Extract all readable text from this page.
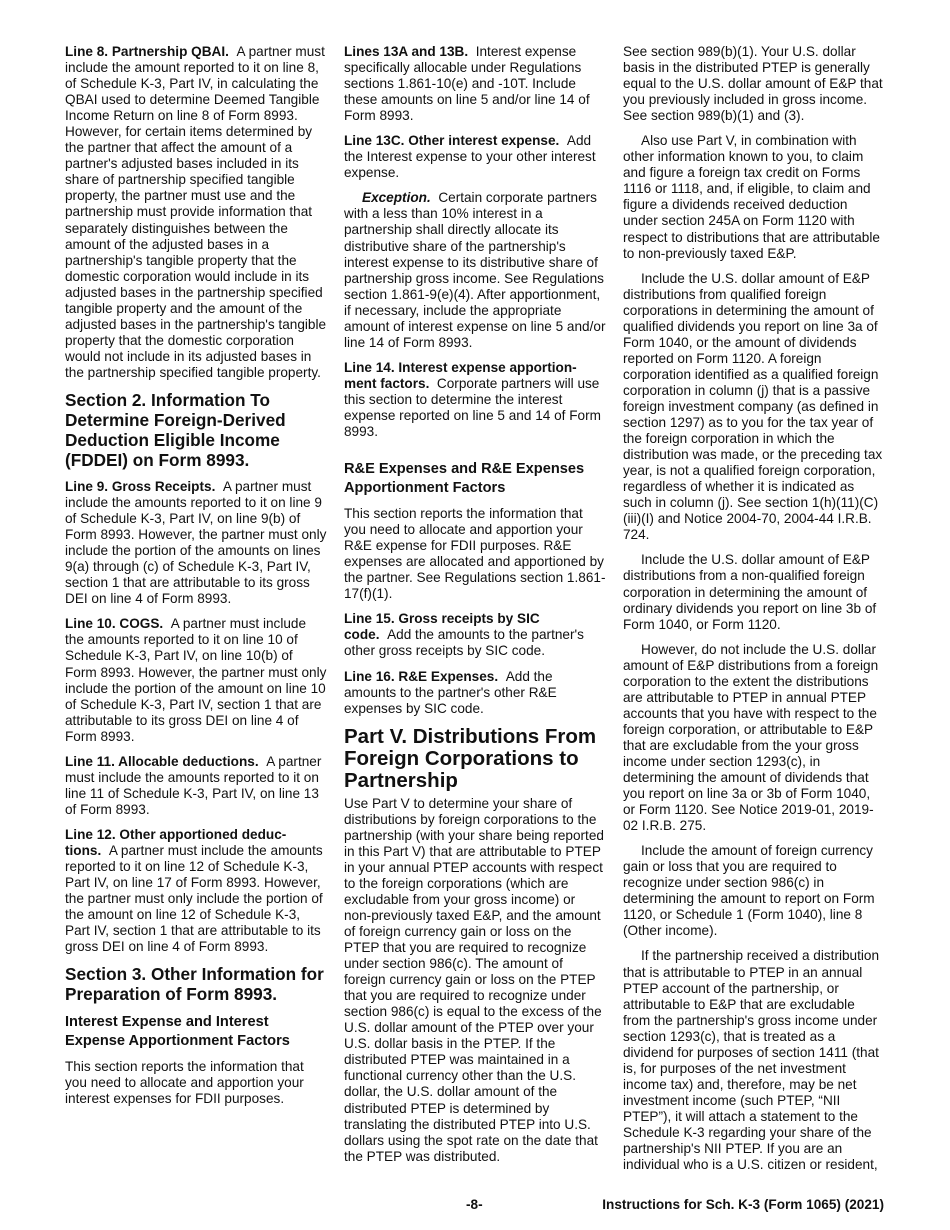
Line 8. Partnership QBAI. A partner must include the amount reported to it on line 8, of Schedule K-3, Part IV, in calculating the QBAI used to determine Deemed Tangible Income Return on line 8 of Form 8993. However, for certain items determined by the partner that affect the amount of a partner's adjusted bases included in its share of partnership specified tangible property, the partner must use and the partnership must provide information that separately distinguishes between the amount of the adjusted bases in a partnership's tangible property that the domestic corporation would include in its adjusted bases in the partnership specified tangible property and the amount of the adjusted bases in the partnership's tangible property that the domestic corporation would not include in its adjusted bases in the partnership specified tangible property.

Section 2. Information To Determine Foreign-Derived Deduction Eligible Income (FDDEI) on Form 8993.

Line 9. Gross Receipts. A partner must include the amounts reported to it on line 9 of Schedule K-3, Part IV, on line 9(b) of Form 8993. However, the partner must only include the portion of the amounts on lines 9(a) through (c) of Schedule K-3, Part IV, section 1 that are attributable to its gross DEI on line 4 of Form 8993.

Line 10. COGS. A partner must include the amounts reported to it on line 10 of Schedule K-3, Part IV, on line 10(b) of Form 8993. However, the partner must only include the portion of the amount on line 10 of Schedule K-3, Part IV, section 1 that are attributable to its gross DEI on line 4 of Form 8993.

Line 11. Allocable deductions. A partner must include the amounts reported to it on line 11 of Schedule K-3, Part IV, on line 13 of Form 8993.

Line 12. Other apportioned deduc-tions. A partner must include the amounts reported to it on line 12 of Schedule K-3, Part IV, on line 17 of Form 8993. However, the partner must only include the portion of the amount on line 12 of Schedule K-3, Part IV, section 1 that are attributable to its gross DEI on line 4 of Form 8993.

Section 3. Other Information for Preparation of Form 8993.
Interest Expense and Interest Expense Apportionment Factors

This section reports the information that you need to allocate and apportion your interest expenses for FDII purposes.

Lines 13A and 13B. Interest expense specifically allocable under Regulations sections 1.861-10(e) and -10T. Include these amounts on line 5 and/or line 14 of Form 8993.

Line 13C. Other interest expense. Add the Interest expense to your other interest expense.

Exception. Certain corporate partners with a less than 10% interest in a partnership shall directly allocate its distributive share of the partnership's interest expense to its distributive share of partnership gross income. See Regulations section 1.861-9(e)(4). After apportionment, if necessary, include the appropriate amount of interest expense on line 5 and/or line 14 of Form 8993.

Line 14. Interest expense apportion-ment factors. Corporate partners will use this section to determine the interest expense reported on line 5 and 14 of Form 8993.

R&E Expenses and R&E Expenses Apportionment Factors

This section reports the information that you need to allocate and apportion your R&E expense for FDII purposes. R&E expenses are allocated and apportioned by the partner. See Regulations section 1.861-17(f)(1).

Line 15. Gross receipts by SIC code. Add the amounts to the partner's other gross receipts by SIC code.

Line 16. R&E Expenses. Add the amounts to the partner's other R&E expenses by SIC code.

Part V. Distributions From Foreign Corporations to Partnership

Use Part V to determine your share of distributions by foreign corporations to the partnership (with your share being reported in this Part V) that are attributable to PTEP in your annual PTEP accounts with respect to the foreign corporations (which are excludable from your gross income) or non-previously taxed E&P, and the amount of foreign currency gain or loss on the PTEP that you are required to recognize under section 986(c). The amount of foreign currency gain or loss on the PTEP that you are required to recognize under section 986(c) is equal to the excess of the U.S. dollar amount of the PTEP over your U.S. dollar basis in the PTEP. If the distributed PTEP was maintained in a functional currency other than the U.S. dollar, the U.S. dollar amount of the distributed PTEP is determined by translating the distributed PTEP into U.S. dollars using the spot rate on the date that the PTEP was distributed.

See section 989(b)(1). Your U.S. dollar basis in the distributed PTEP is generally equal to the U.S. dollar amount of E&P that you previously included in gross income. See section 989(b)(1) and (3).

Also use Part V, in combination with other information known to you, to claim and figure a foreign tax credit on Forms 1116 or 1118, and, if eligible, to claim and figure a dividends received deduction under section 245A on Form 1120 with respect to distributions that are attributable to non-previously taxed E&P.

Include the U.S. dollar amount of E&P distributions from qualified foreign corporations in determining the amount of qualified dividends you report on line 3a of Form 1040, or the amount of dividends reported on Form 1120. A foreign corporation identified as a qualified foreign corporation in column (j) that is a passive foreign investment company (as defined in section 1297) as to you for the tax year of the foreign corporation in which the distribution was made, or the preceding tax year, is not a qualified foreign corporation, regardless of whether it is indicated as such in column (j). See section 1(h)(11)(C)(iii)(I) and Notice 2004-70, 2004-44 I.R.B. 724.

Include the U.S. dollar amount of E&P distributions from a non-qualified foreign corporation in determining the amount of ordinary dividends you report on line 3b of Form 1040, or Form 1120.

However, do not include the U.S. dollar amount of E&P distributions from a foreign corporation to the extent the distributions are attributable to PTEP in annual PTEP accounts that you have with respect to the foreign corporation, or attributable to E&P that are excludable from the your gross income under section 1293(c), in determining the amount of dividends that you report on line 3a or 3b of Form 1040, or Form 1120. See Notice 2019-01, 2019-02 I.R.B. 275.

Include the amount of foreign currency gain or loss that you are required to recognize under section 986(c) in determining the amount to report on Form 1120, or Schedule 1 (Form 1040), line 8 (Other income).

If the partnership received a distribution that is attributable to PTEP in an annual PTEP account of the partnership, or attributable to E&P that are excludable from the partnership's gross income under section 1293(c), that is treated as a dividend for purposes of section 1411 (that is, for purposes of the net investment income tax) and, therefore, may be net investment income (such PTEP, “NII PTEP”), it will attach a statement to the Schedule K-3 regarding your share of the partnership's NII PTEP. If you are an individual who is a U.S. citizen or resident,

-8-	Instructions for Sch. K-3 (Form 1065) (2021)
